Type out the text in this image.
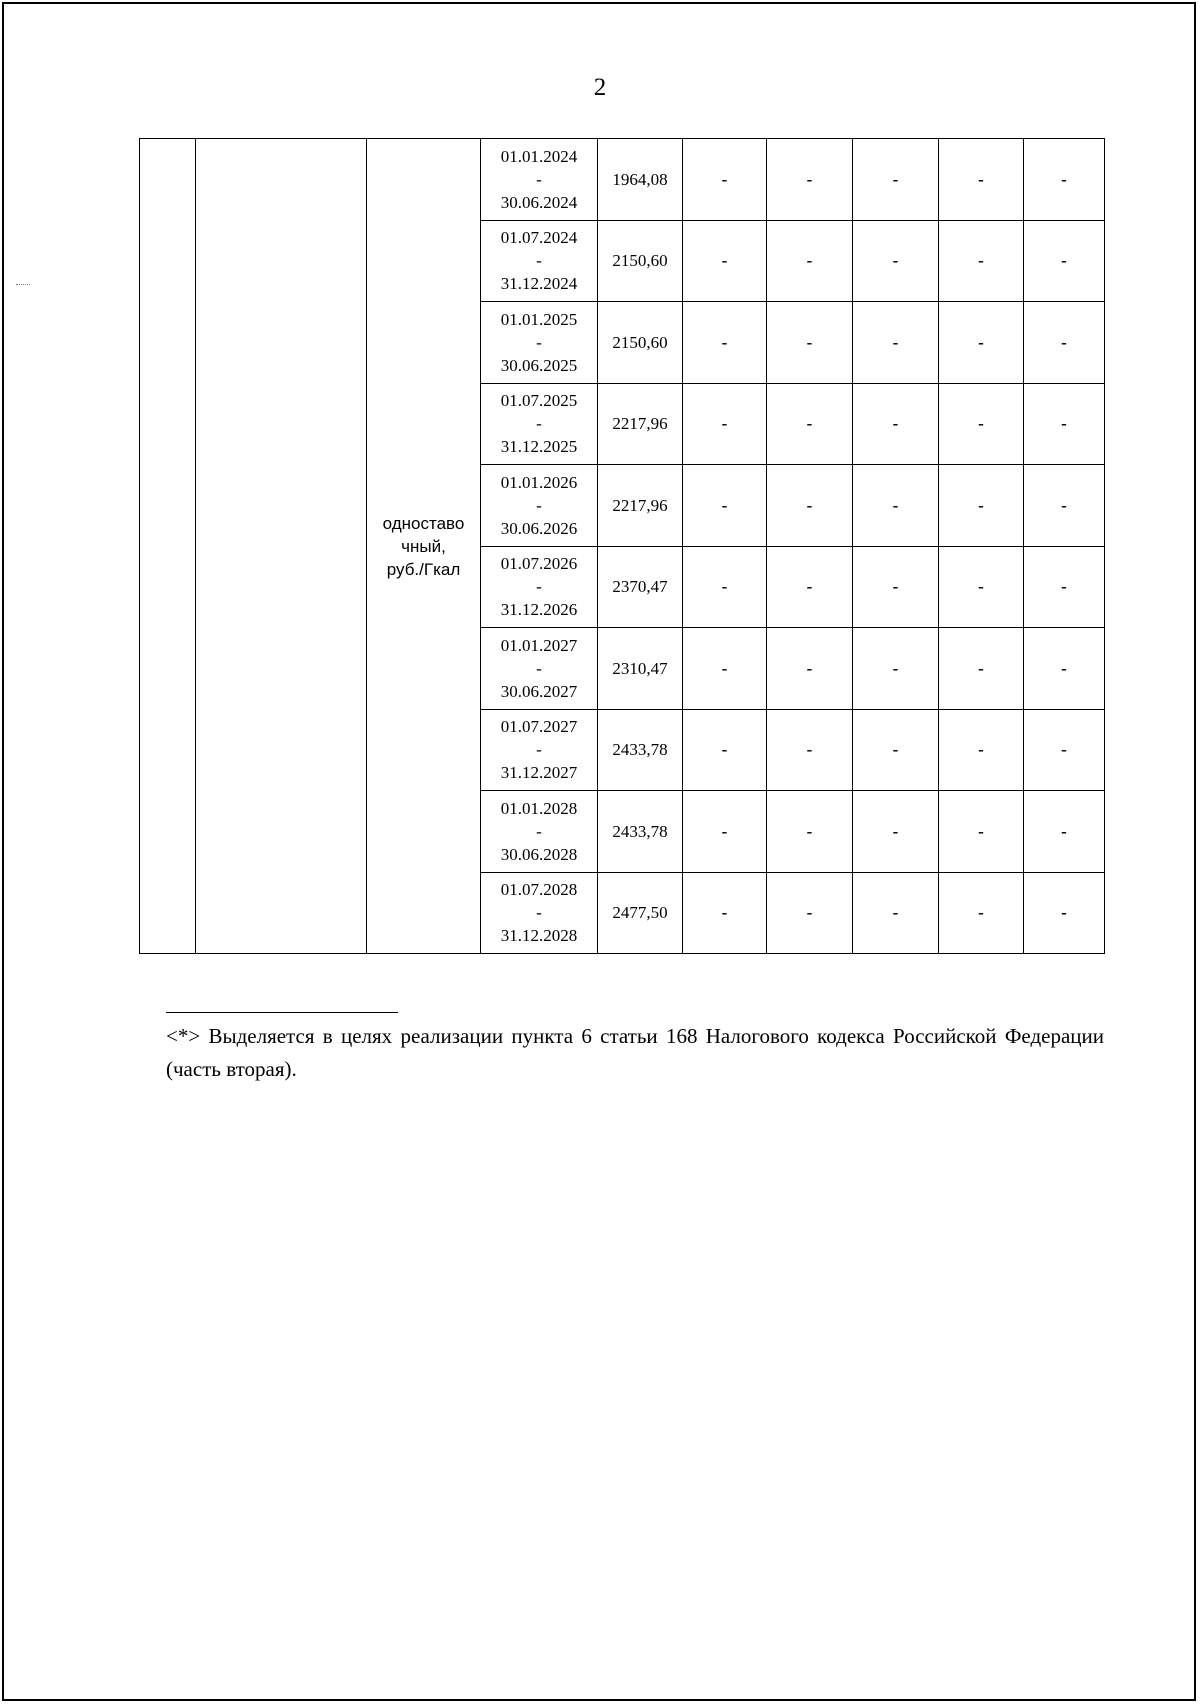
2

		одноставо
чный,
руб./Гкал	01.01.2024
-
30.06.2024	1964,08	-	-	-	-	-

			01.07.2024
-
31.12.2024	2150,60	-	-	-	-	-

			01.01.2025
-
30.06.2025	2150,60	-	-	-	-	-

			01.07.2025
-
31.12.2025	2217,96	-	-	-	-	-

			01.01.2026
-
30.06.2026	2217,96	-	-	-	-	-

			01.07.2026
-
31.12.2026	2370,47	-	-	-	-	-

			01.01.2027
-
30.06.2027	2310,47	-	-	-	-	-

			01.07.2027
-
31.12.2027	2433,78	-	-	-	-	-

			01.01.2028
-
30.06.2028	2433,78	-	-	-	-	-

			01.07.2028
-
31.12.2028	2477,50	-	-	-	-	-
<*> Выделяется в целях реализации пункта 6 статьи 168 Налогового кодекса Российской Федерации (часть вторая).
